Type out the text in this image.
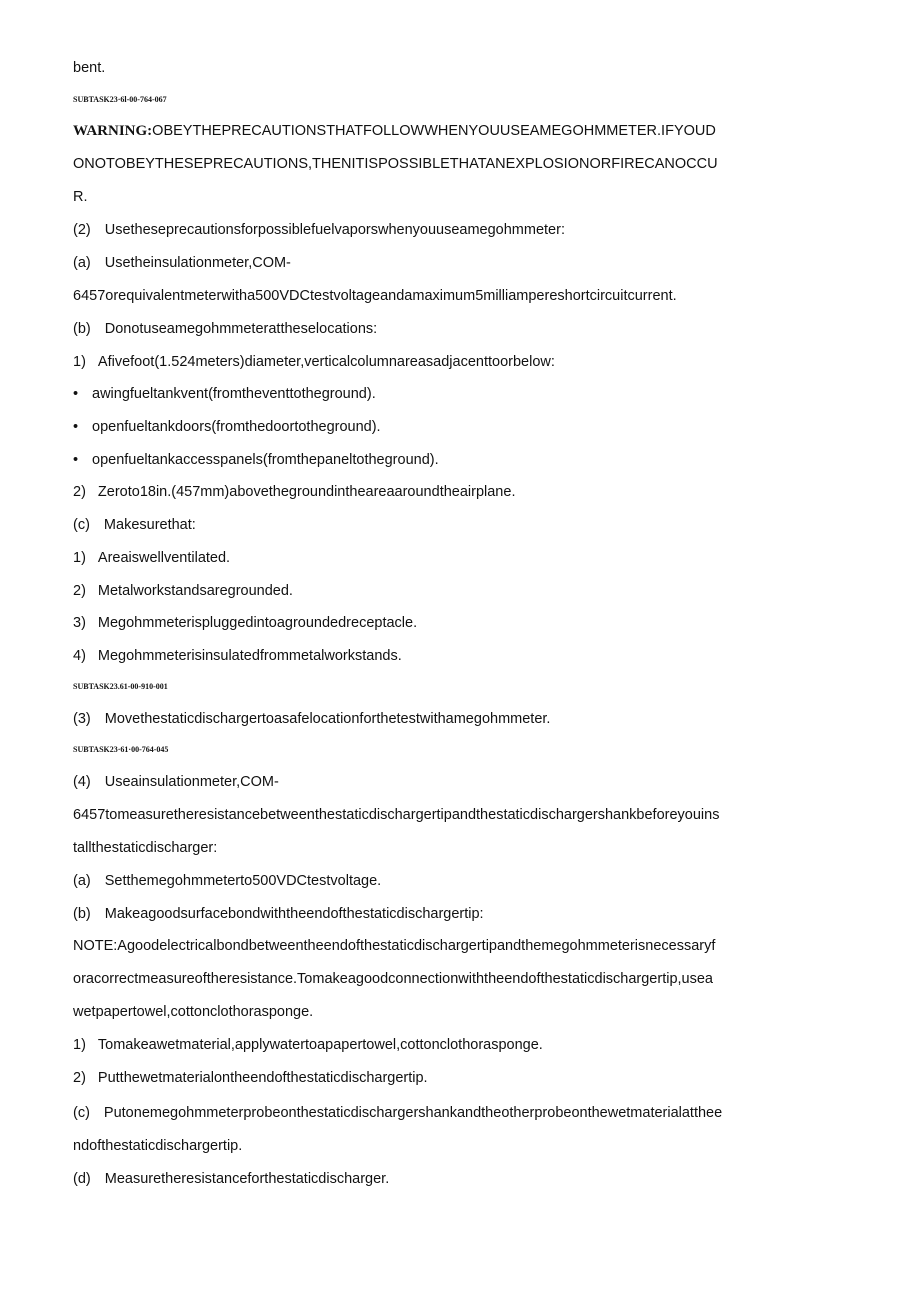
bent.
SUBTASK23·6l-00-764-067
WARNING:OBEYTHEPRECAUTIONSTHATFOLLOWWHENYOUUSEAMEGOHMMETER.IFYOUD
ONOTOBEYTHESEPRECAUTIONS,THENITISPOSSIBLETHATANEXPLOSIONORFIRECANOCCU
R.
(2) Usetheseprecautionsforpossiblefuelvaporswhenyouuseamegohmmeter:
(a) Usetheinsulationmeter,COM-
6457orequivalentmeterwitha500VDCtestvoltageandamaximum5milliampereshortcircuitcurrent.
(b) Donotuseamegohmmeterattheselocations:
1) Afivefoot(1.524meters)diameter,verticalcolumnareasadjacenttoorbelow:
• awingfueltankvent(fromtheventtotheground).
• openfueltankdoors(fromthedoortotheground).
• openfueltankaccesspanels(fromthepaneltotheground).
2) Zeroto18in.(457mm)abovethegroundintheareaaroundtheairplane.
(c) Makesurethat:
1) Areaiswellventilated.
2) Metalworkstandsaregrounded.
3) Megohmmeterispluggedintoagroundedreceptacle.
4) Megohmmeterisinsulatedfrommetalworkstands.
SUBTASK23.61-00-910-001
(3) Movethestaticdischargertoasafelocationforthetestwithamegohmmeter.
SUBTASK23·61·00-764-045
(4) Useainsulationmeter,COM-
6457tomeasuretheresistancebetweenthestaticdischargertipandthestaticdischargershankbeforeyouins
tallthestaticdischarger:
(a) Setthemegohmmeterto500VDCtestvoltage.
(b) Makeagoodsurfacebondwiththeendofthestaticdischargertip:
NOTE:Agoodelectricalbondbetweentheendofthestaticdischargertipandthemegohmmeterisnecessaryf
oracorrectmeasureoftheresistance.Tomakeagoodconnectionwiththeendofthestaticdischargertip,usea
wetpapertowel,cottonclothorasponge.
1) Tomakeawetmaterial,applywatertoapapertowel,cottonclothorasponge.
2) Putthewetmaterialontheendofthestaticdischargertip.
(c) Putonemegohmmeterprobeonthestaticdischargershankandtheotherprobeonthewetmaterialatthee
ndofthestaticdischargertip.
(d) Measuretheresistanceforthestaticdischarger.
